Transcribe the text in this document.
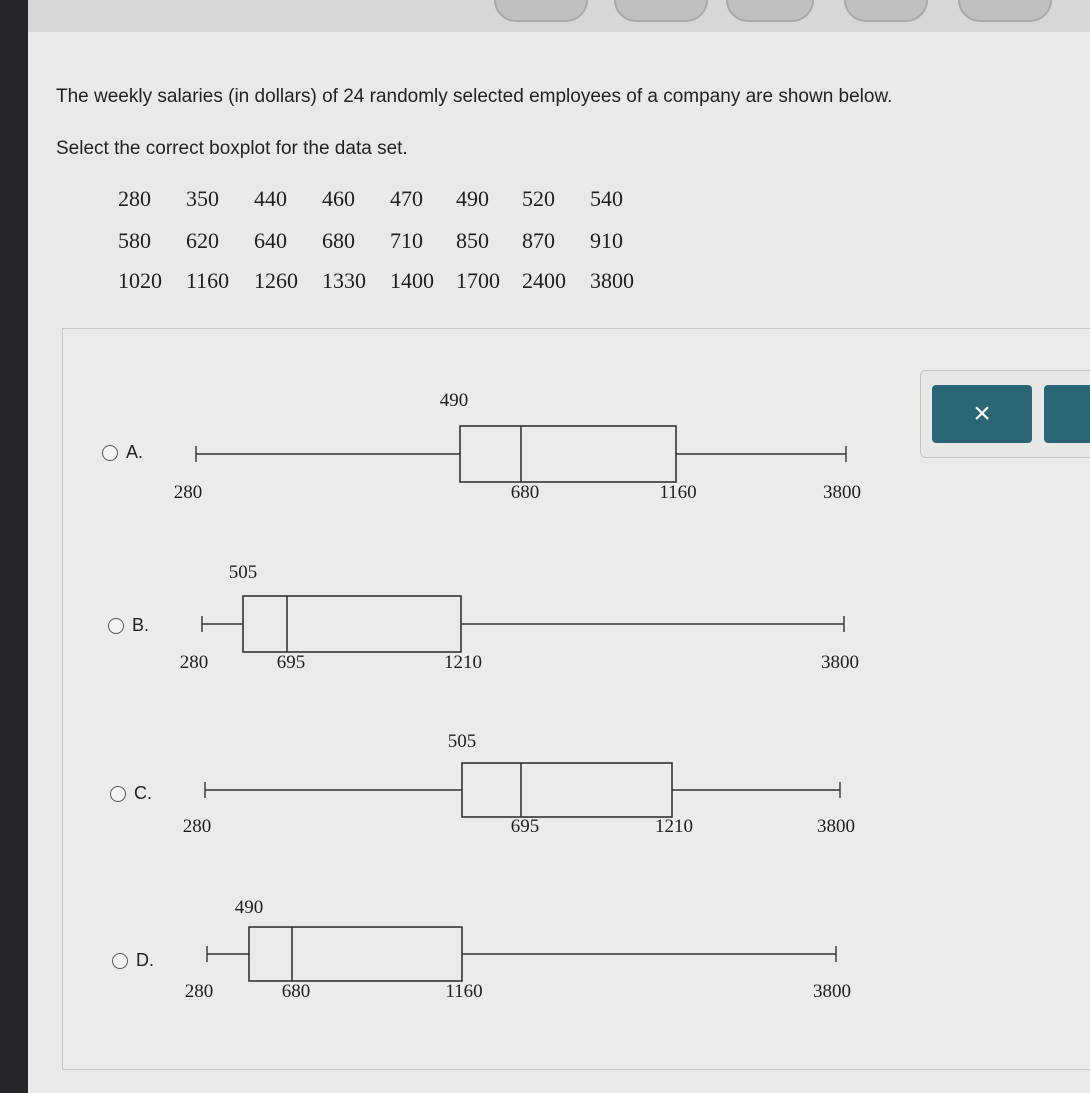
The weekly salaries (in dollars) of 24 randomly selected employees of a company are shown below.
Select the correct boxplot for the data set.
280 350 440 460 470 490 520 540
580 620 640 680 710 850 870 910
1020 1160 1260 1330 1400 1700 2400 3800
×
A.
B.
C.
D.
490
280	680	1160	3800
505
280	695	1210	3800
505
280	695	1210	3800
490
280	680	1160	3800
